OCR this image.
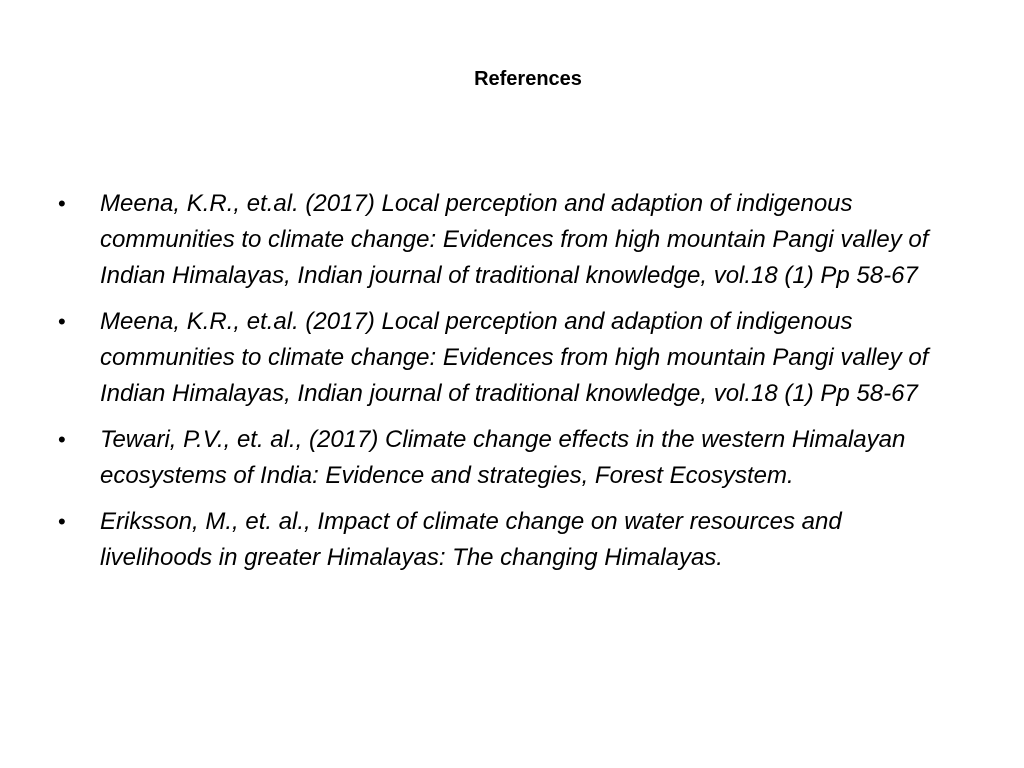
References
• Meena, K.R., et.al. (2017) Local perception and adaption of indigenous communities to climate change: Evidences from high mountain Pangi valley of Indian Himalayas, Indian journal of traditional knowledge, vol.18 (1) Pp 58-67
• Meena, K.R., et.al. (2017) Local perception and adaption of indigenous communities to climate change: Evidences from high mountain Pangi valley of Indian Himalayas, Indian journal of traditional knowledge, vol.18 (1) Pp 58-67
• Tewari, P.V., et. al., (2017) Climate change effects in the western Himalayan ecosystems of India: Evidence and strategies, Forest Ecosystem.
• Eriksson, M., et. al., Impact of climate change on water resources and livelihoods in greater Himalayas: The changing Himalayas.
